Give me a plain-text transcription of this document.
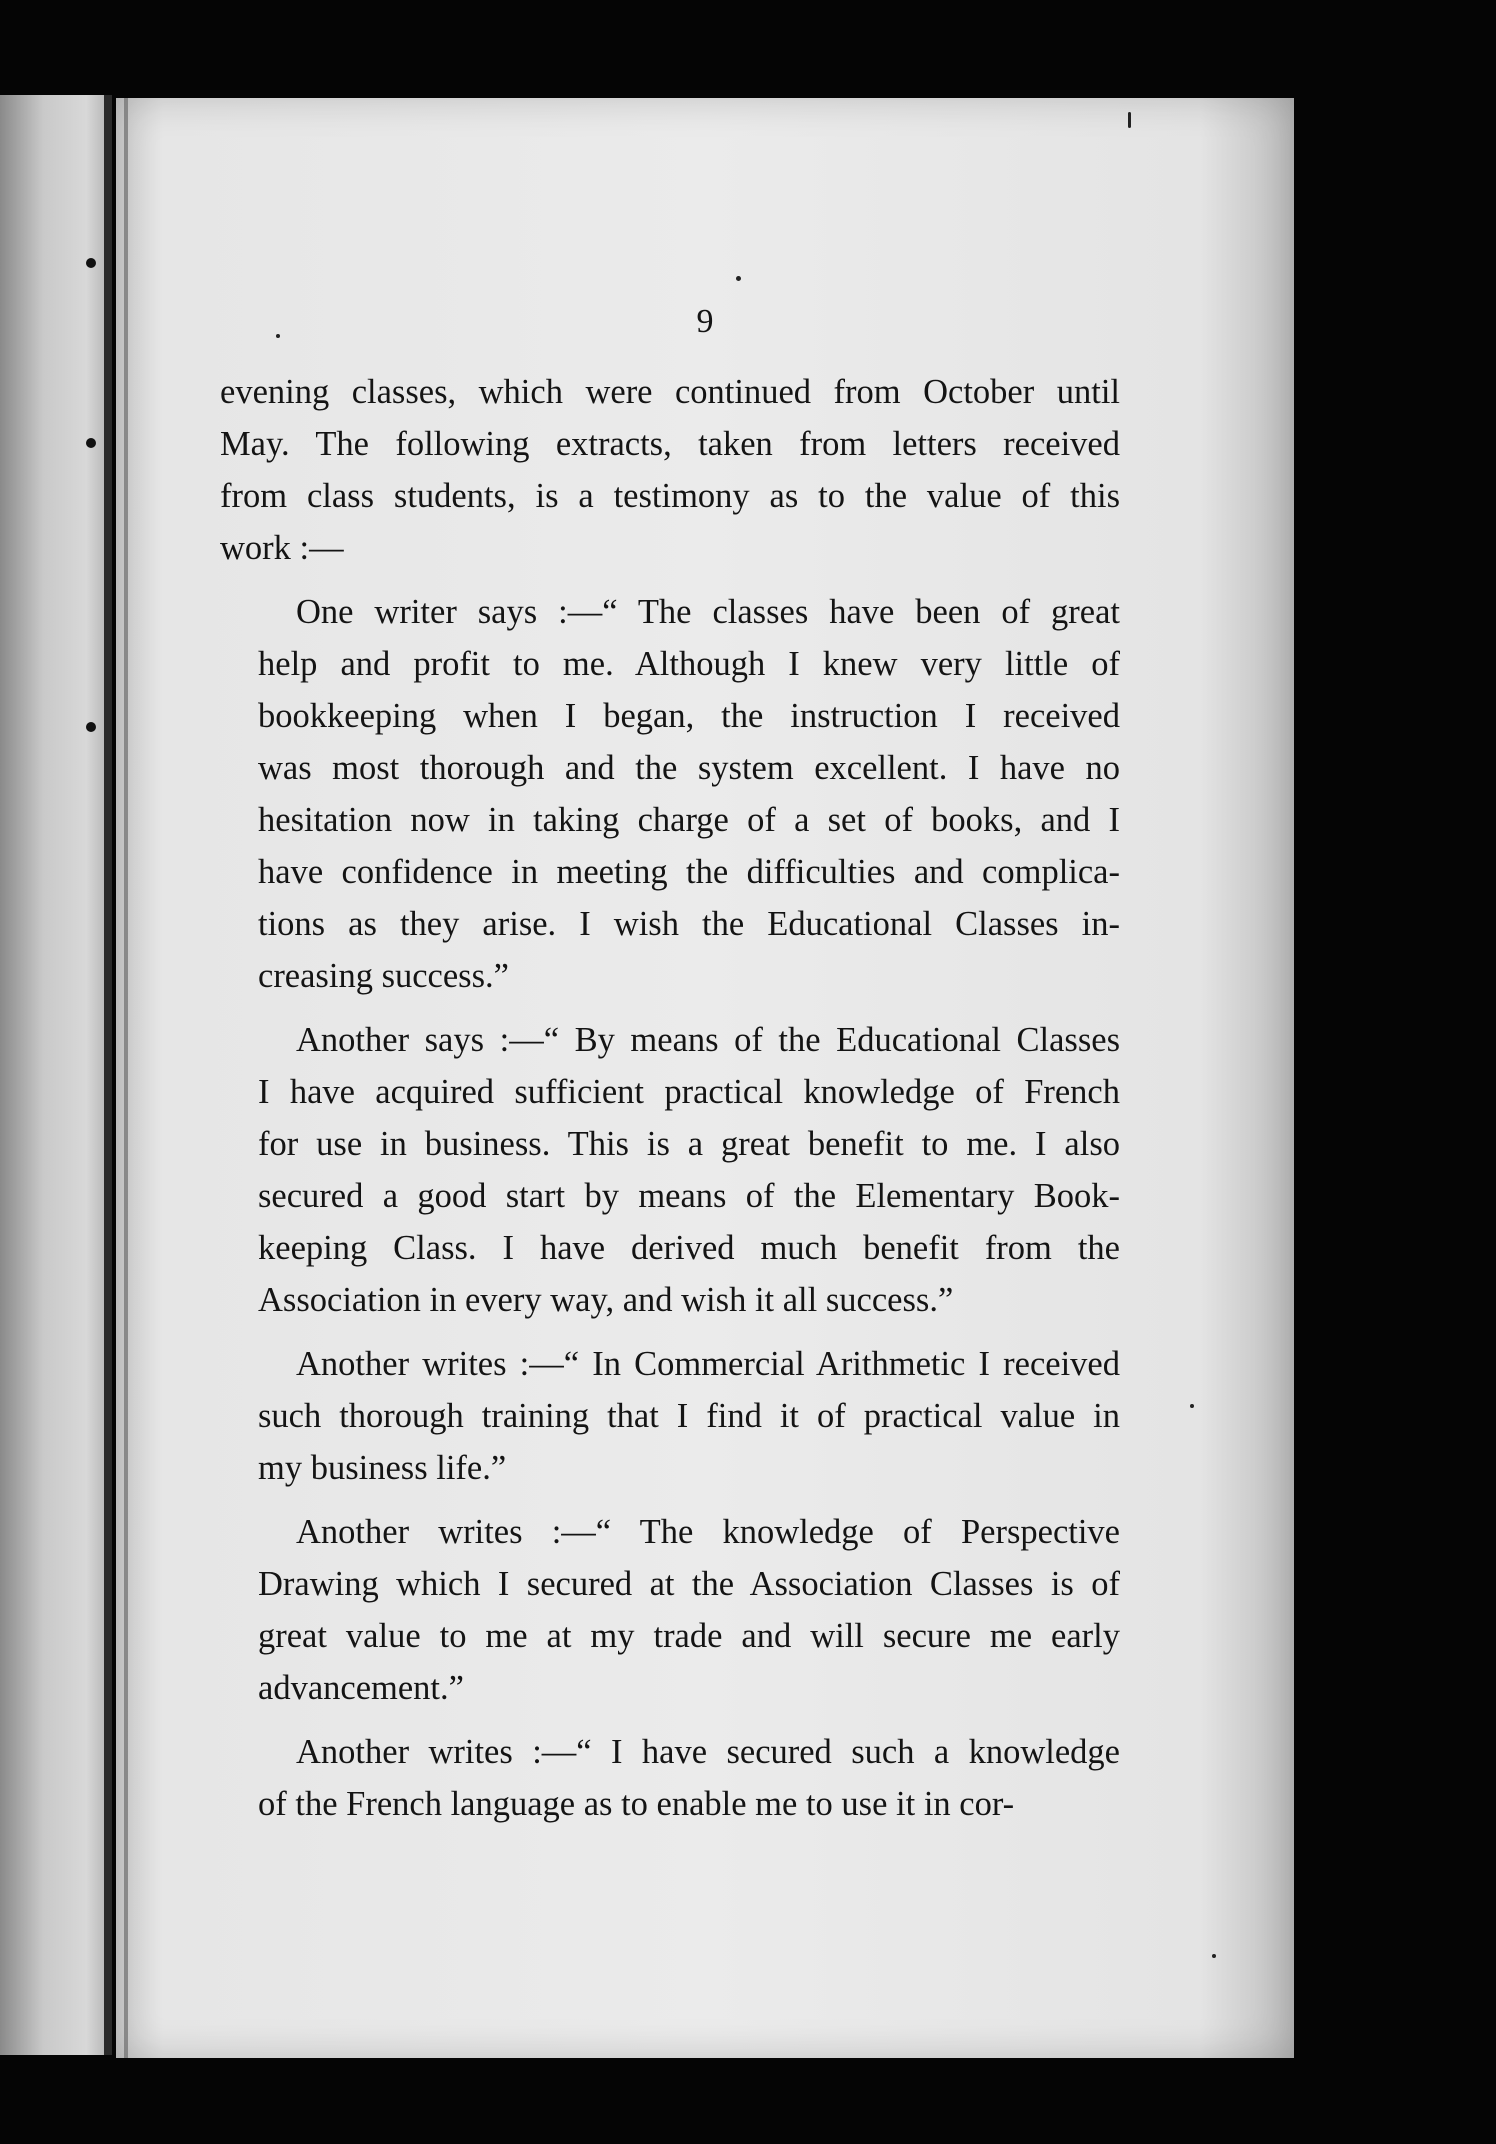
9
evening classes, which were continued from October until
May. The following extracts, taken from letters received
from class students, is a testimony as to the value of this
work :—
One writer says :—“ The classes have been of great
help and profit to me. Although I knew very little of
bookkeeping when I began, the instruction I received
was most thorough and the system excellent. I have no
hesitation now in taking charge of a set of books, and I
have confidence in meeting the difficulties and complica-
tions as they arise. I wish the Educational Classes in-
creasing success.”
Another says :—“ By means of the Educational Classes
I have acquired sufficient practical knowledge of French
for use in business. This is a great benefit to me. I also
secured a good start by means of the Elementary Book-
keeping Class. I have derived much benefit from the
Association in every way, and wish it all success.”
Another writes :—“ In Commercial Arithmetic I received
such thorough training that I find it of practical value in
my business life.”
Another writes :—“ The knowledge of Perspective
Drawing which I secured at the Association Classes is of
great value to me at my trade and will secure me early
advancement.”
Another writes :—“ I have secured such a knowledge
of the French language as to enable me to use it in cor-
